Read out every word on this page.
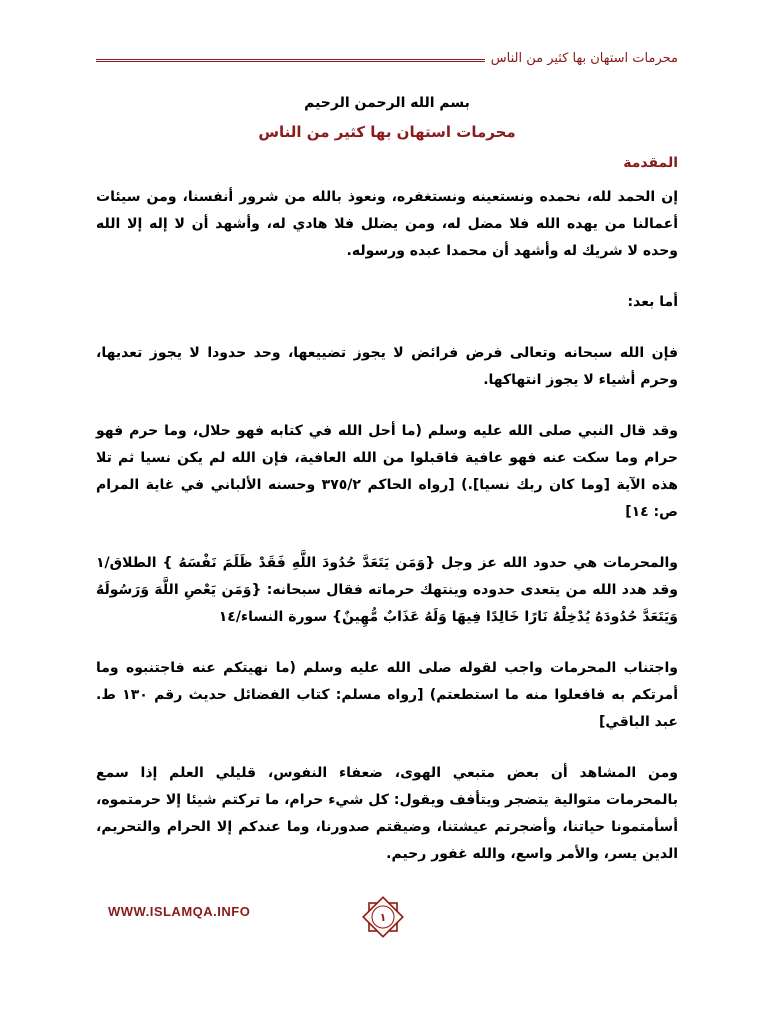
محرمات استهان بها كثير من الناس

بسم الله الرحمن الرحيم

محرمات استهان بها كثير من الناس

المقدمة

إن الحمد لله، نحمده ونستعينه ونستغفره، ونعوذ بالله من شرور أنفسنا، ومن سيئات أعمالنا من يهده الله فلا مضل له، ومن يضلل فلا هادي له، وأشهد أن لا إله إلا الله وحده لا شريك له وأشهد أن محمدا عبده ورسوله.

أما بعد:

فإن الله سبحانه وتعالى فرض فرائض لا يجوز تضييعها، وحد حدودا لا يجوز تعديها، وحرم أشياء لا يجوز انتهاكها.

وقد قال النبي صلى الله عليه وسلم (ما أحل الله في كتابه فهو حلال، وما حرم فهو حرام وما سكت عنه فهو عافية فاقبلوا من الله العافية، فإن الله لم يكن نسيا ثم تلا هذه الآية [وما كان ربك نسيا].) [رواه الحاكم ٣٧٥/٢ وحسنه الألباني في غاية المرام ص: ١٤]

والمحرمات هي حدود الله عز وجل {وَمَن يَتَعَدَّ حُدُودَ اللَّهِ فَقَدْ ظَلَمَ نَفْسَهُ } الطلاق/١ وقد هدد الله من يتعدى حدوده وينتهك حرماته فقال سبحانه: {وَمَن يَعْصِ اللَّهَ وَرَسُولَهُ وَيَتَعَدَّ حُدُودَهُ يُدْخِلْهُ نَارًا خَالِدًا فِيهَا وَلَهُ عَذَابٌ مُّهِينٌ} سورة النساء/١٤

واجتناب المحرمات واجب لقوله صلى الله عليه وسلم (ما نهيتكم عنه فاجتنبوه وما أمرتكم به فافعلوا منه ما استطعتم) [رواه مسلم: كتاب الفضائل حديث رقم ١٣٠ ط. عبد الباقي]

ومن المشاهد أن بعض متبعي الهوى، ضعفاء النفوس، قليلي العلم إذا سمع بالمحرمات متوالية يتضجر ويتأفف ويقول: كل شيء حرام، ما تركتم شيئا إلا حرمتموه، أسأمتمونا حياتنا، وأضجرتم عيشتنا، وضيقتم صدورنا، وما عندكم إلا الحرام والتحريم، الدين يسر، والأمر واسع، والله غفور رحيم.

WWW.ISLAMQA.INFO	١
